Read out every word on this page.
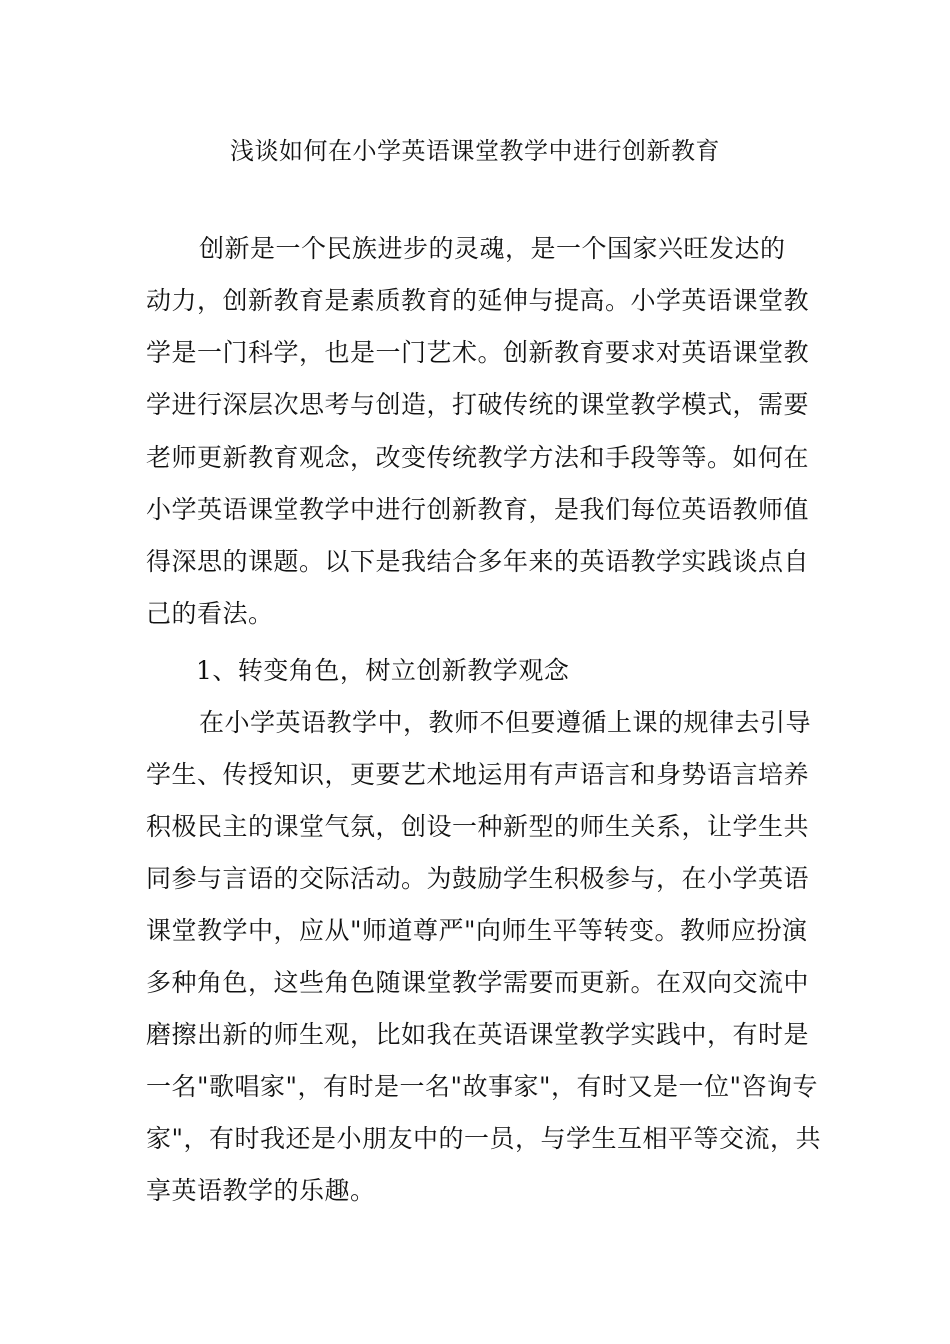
浅谈如何在小学英语课堂教学中进行创新教育
创新是一个民族进步的灵魂，是一个国家兴旺发达的
动力，创新教育是素质教育的延伸与提高。小学英语课堂教
学是一门科学，也是一门艺术。创新教育要求对英语课堂教
学进行深层次思考与创造，打破传统的课堂教学模式，需要
老师更新教育观念，改变传统教学方法和手段等等。如何在
小学英语课堂教学中进行创新教育，是我们每位英语教师值
得深思的课题。以下是我结合多年来的英语教学实践谈点自
己的看法。
1、转变角色，树立创新教学观念
在小学英语教学中，教师不但要遵循上课的规律去引导
学生、传授知识，更要艺术地运用有声语言和身势语言培养
积极民主的课堂气氛，创设一种新型的师生关系，让学生共
同参与言语的交际活动。为鼓励学生积极参与，在小学英语
课堂教学中，应从"师道尊严"向师生平等转变。教师应扮演
多种角色，这些角色随课堂教学需要而更新。在双向交流中
磨擦出新的师生观，比如我在英语课堂教学实践中，有时是
一名"歌唱家"，有时是一名"故事家"，有时又是一位"咨询专
家"，有时我还是小朋友中的一员，与学生互相平等交流，共
享英语教学的乐趣。
